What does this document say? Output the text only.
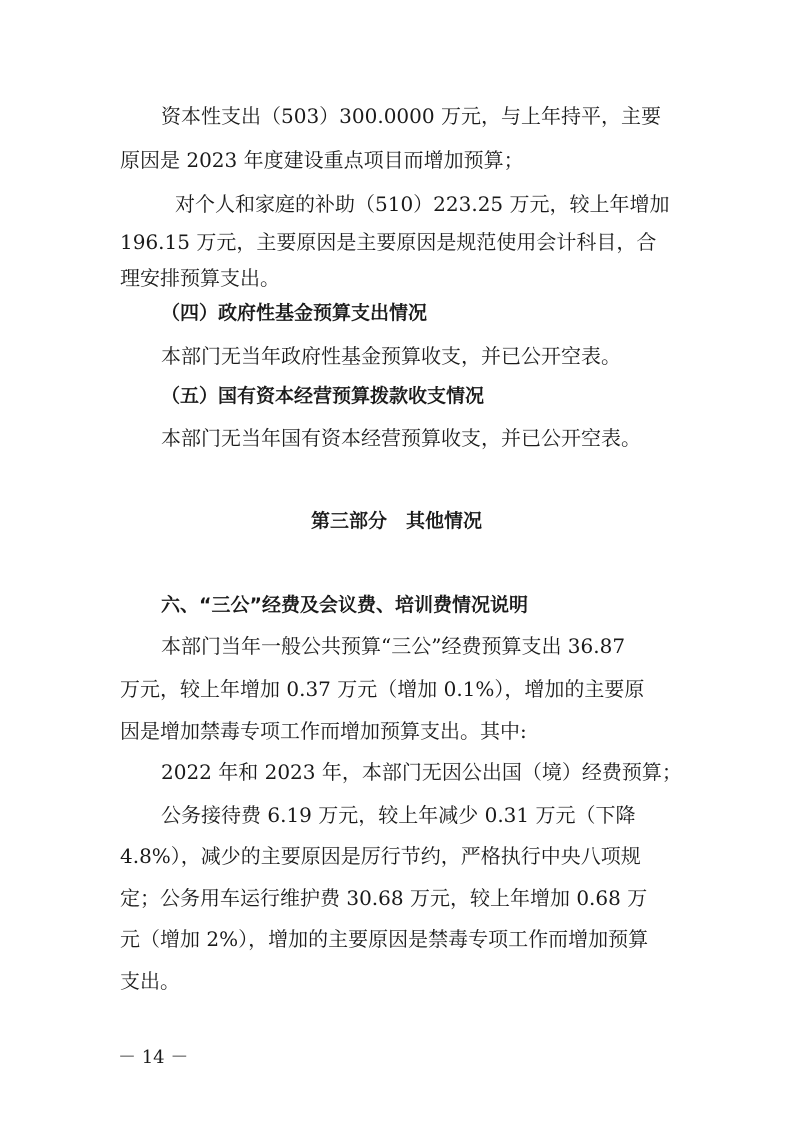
资本性支出（503）300.0000 万元，与上年持平，主要
原因是 2023 年度建设重点项目而增加预算；
对个人和家庭的补助（510）223.25 万元，较上年增加
196.15 万元，主要原因是主要原因是规范使用会计科目，合
理安排预算支出。
（四）政府性基金预算支出情况
本部门无当年政府性基金预算收支，并已公开空表。
（五）国有资本经营预算拨款收支情况
本部门无当年国有资本经营预算收支，并已公开空表。
第三部分　其他情况
六、“三公”经费及会议费、培训费情况说明
本部门当年一般公共预算“三公”经费预算支出 36.87
万元，较上年增加 0.37 万元（增加 0.1%），增加的主要原
因是增加禁毒专项工作而增加预算支出。其中:
2022 年和 2023 年，本部门无因公出国（境）经费预算；
公务接待费 6.19 万元，较上年减少 0.31 万元（下降
4.8%），减少的主要原因是厉行节约，严格执行中央八项规
定；公务用车运行维护费 30.68 万元，较上年增加 0.68 万
元（增加 2%），增加的主要原因是禁毒专项工作而增加预算
支出。
－ 14 －
